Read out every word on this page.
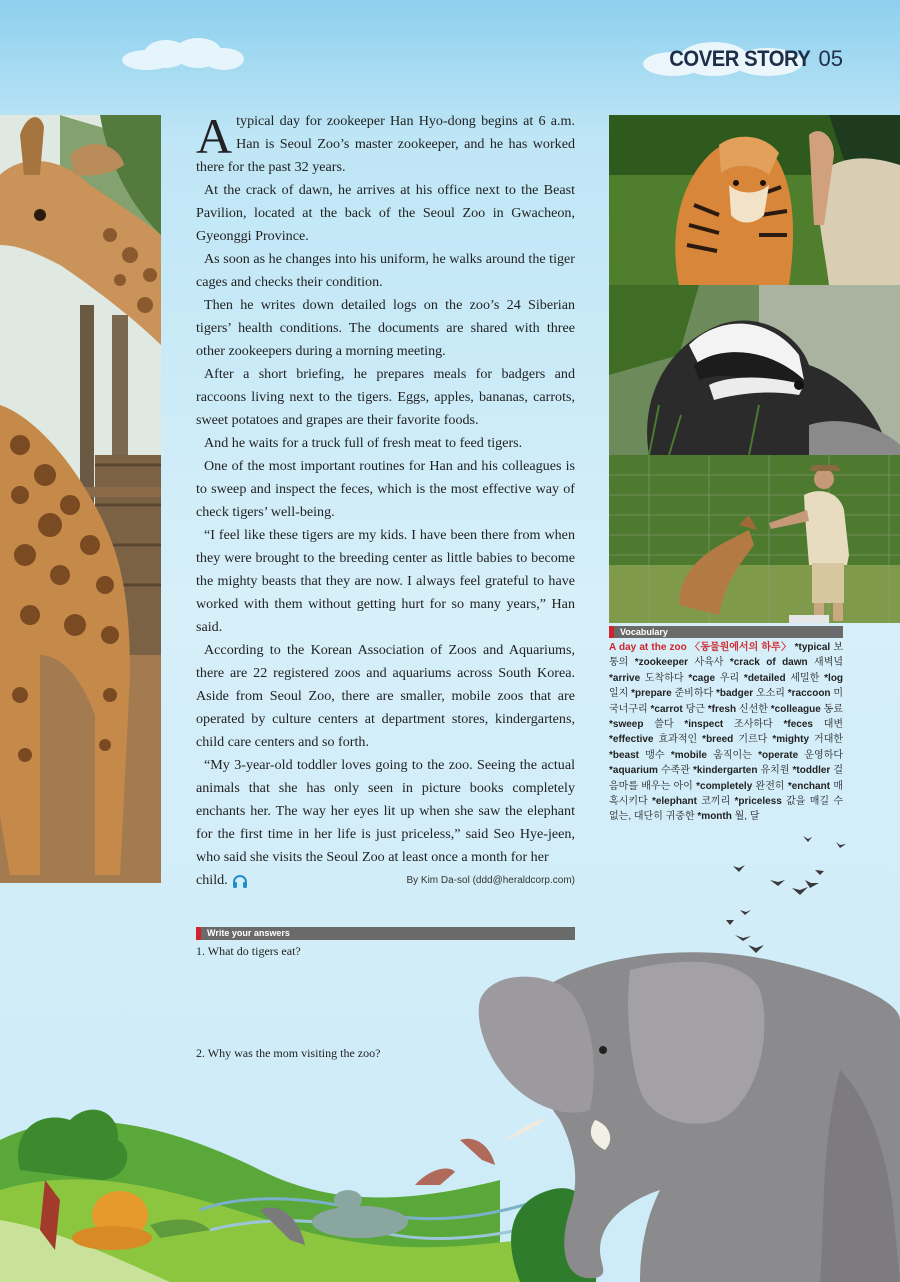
COVER STORY 05

Atypical day for zookeeper Han Hyo-dong begins at 6 a.m. Han is Seoul Zoo’s master zookeeper, and he has worked there for the past 32 years.

At the crack of dawn, he arrives at his office next to the Beast Pavilion, located at the back of the Seoul Zoo in Gwacheon, Gyeonggi Province.

As soon as he changes into his uniform, he walks around the tiger cages and checks their condition.

Then he writes down detailed logs on the zoo’s 24 Siberian tigers’ health conditions. The documents are shared with three other zookeepers during a morning meeting.

After a short briefing, he prepares meals for badgers and raccoons living next to the tigers. Eggs, apples, bananas, carrots, sweet potatoes and grapes are their favorite foods.

And he waits for a truck full of fresh meat to feed tigers.

One of the most important routines for Han and his colleagues is to sweep and inspect the feces, which is the most effective way of check tigers’ well-being.

“I feel like these tigers are my kids. I have been there from when they were brought to the breeding center as little babies to become the mighty beasts that they are now. I always feel grateful to have worked with them without getting hurt for so many years,” Han said.

According to the Korean Association of Zoos and Aquariums, there are 22 registered zoos and aquariums across South Korea. Aside from Seoul Zoo, there are smaller, mobile zoos that are operated by culture centers at department stores, kindergartens, child care centers and so forth.

“My 3-year-old toddler loves going to the zoo. Seeing the actual animals that she has only seen in picture books completely enchants her. The way her eyes lit up when she saw the elephant for the first time in her life is just priceless,” said Seo Hye-jeen, who said she visits the Seoul Zoo at least once a month for her

child.	By Kim Da-sol (ddd@heraldcorp.com)
Vocabulary
A day at the zoo 〈동물원에서의 하루〉 *typical 보통의 *zookeeper 사육사 *crack of dawn 새벽녘 *arrive 도착하다 *cage 우리 *detailed 세밀한 *log 일지 *prepare 준비하다 *badger 오소리 *raccoon 미국너구리 *carrot 당근 *fresh 신선한 *colleague 동료 *sweep 쓸다 *inspect 조사하다 *feces 대변 *effective 효과적인 *breed 기르다 *mighty 거대한 *beast 맹수 *mobile 움직이는 *operate 운영하다 *aquarium 수족관 *kindergarten 유치원 *toddler 걸음마를 배우는 아이 *completely 완전히 *enchant 매혹시키다 *elephant 코끼리 *priceless 값을 매길 수 없는, 대단히 귀중한 *month 월, 달
Write your answers
1. What do tigers eat?
2. Why was the mom visiting the zoo?
